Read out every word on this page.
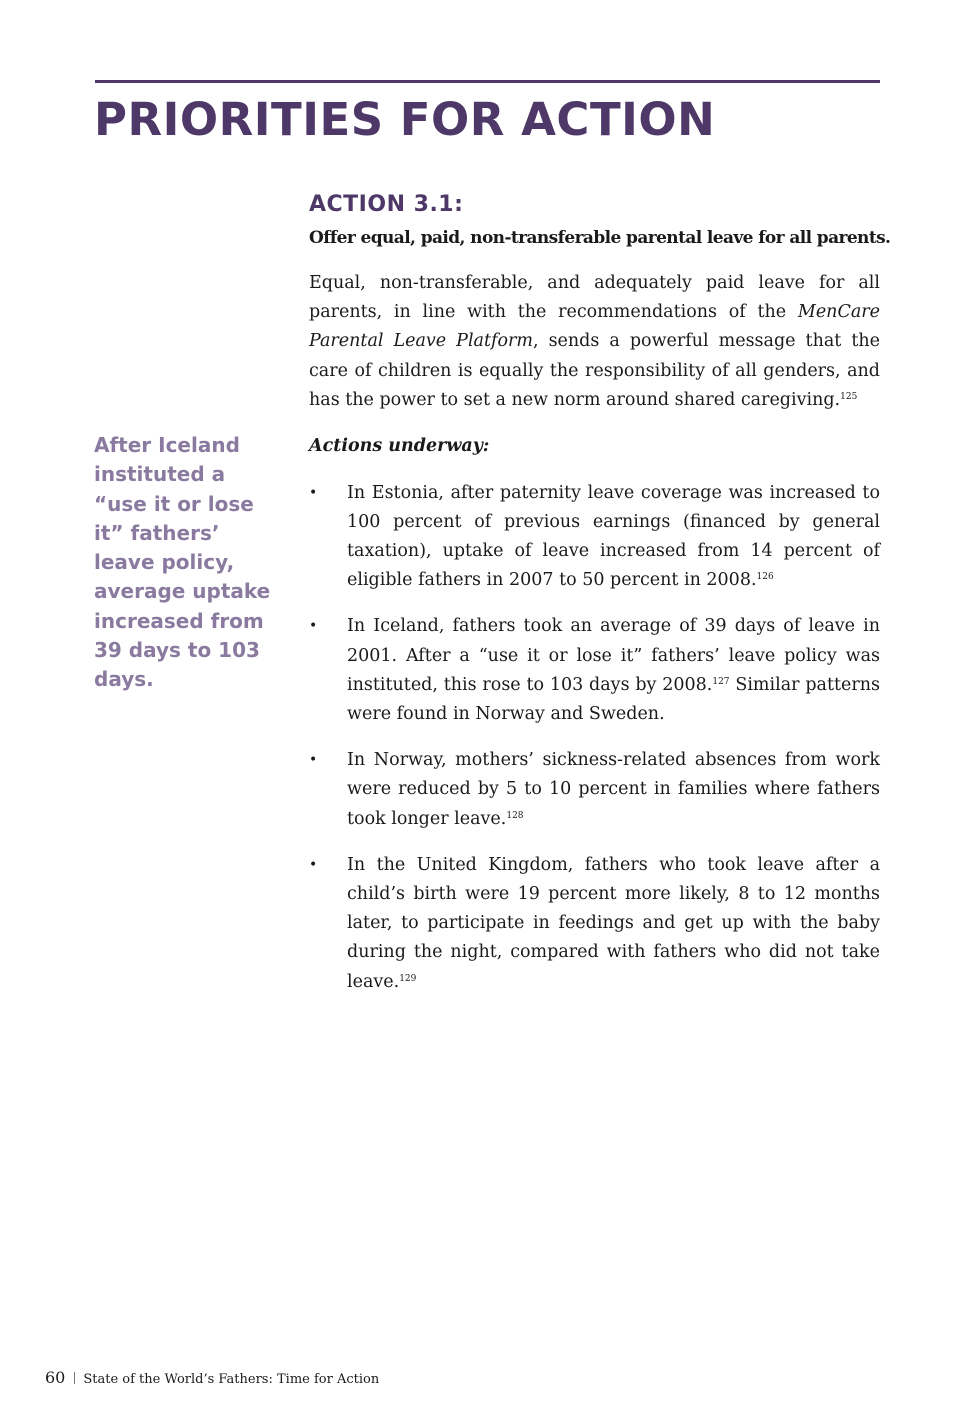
PRIORITIES FOR ACTION

After Iceland instituted a “use it or lose it” fathers’ leave policy, average uptake increased from 39 days to 103 days.

ACTION 3.1:

Offer equal, paid, non-transferable parental leave for all parents.

Equal, non-transferable, and adequately paid leave for all parents, in line with the recommendations of the MenCare Parental Leave Platform, sends a powerful message that the care of children is equally the responsibility of all genders, and has the power to set a new norm around shared caregiving.$^{125}$

Actions underway:

• In Estonia, after paternity leave coverage was increased to 100 percent of previous earnings (financed by general taxation), uptake of leave increased from 14 percent of eligible fathers in 2007 to 50 percent in 2008.$^{126}$

• In Iceland, fathers took an average of 39 days of leave in 2001. After a “use it or lose it” fathers’ leave policy was instituted, this rose to 103 days by 2008.$^{127}$ Similar patterns were found in Norway and Sweden.

• In Norway, mothers’ sickness-related absences from work were reduced by 5 to 10 percent in families where fathers took longer leave.$^{128}$

• In the United Kingdom, fathers who took leave after a child’s birth were 19 percent more likely, 8 to 12 months later, to participate in feedings and get up with the baby during the night, compared with fathers who did not take leave.$^{129}$

60 State of the World’s Fathers: Time for Action
